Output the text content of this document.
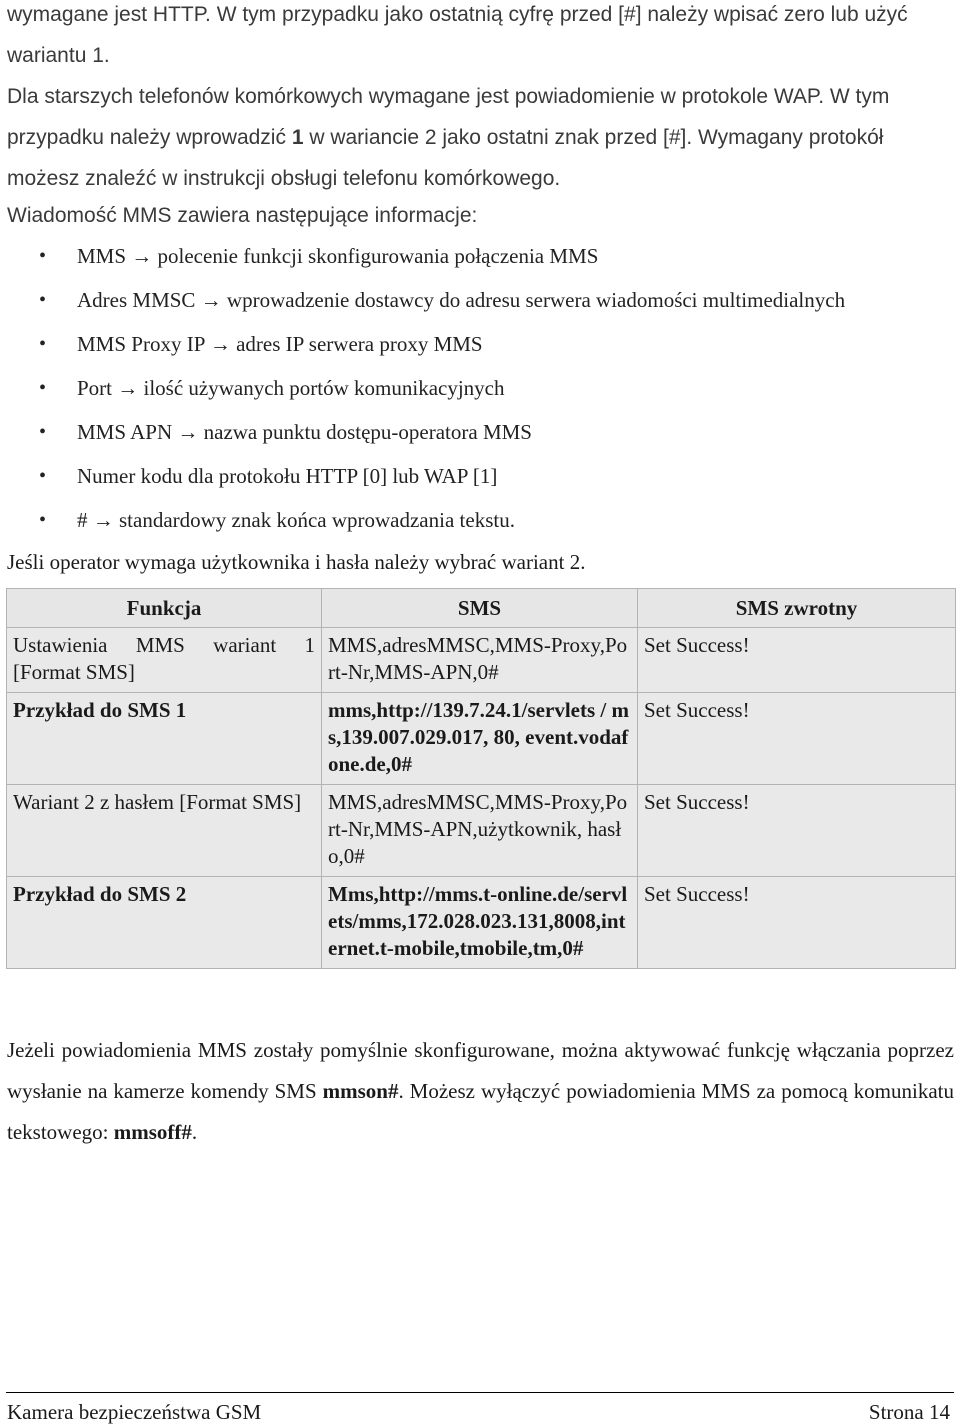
wymagane jest HTTP. W tym przypadku jako ostatnią cyfrę przed [#] należy wpisać zero lub użyć
wariantu 1.
Dla starszych telefonów komórkowych wymagane jest powiadomienie w protokole WAP. W tym
przypadku należy wprowadzić 1 w wariancie 2 jako ostatni znak przed [#]. Wymagany protokół
możesz znaleźć w instrukcji obsługi telefonu komórkowego.

Wiadomość MMS zawiera następujące informacje:

• MMS → polecenie funkcji skonfigurowania połączenia MMS
• Adres MMSC → wprowadzenie dostawcy do adresu serwera wiadomości multimedialnych
• MMS Proxy IP → adres IP serwera proxy MMS
• Port → ilość używanych portów komunikacyjnych
• MMS APN → nazwa punktu dostępu-operatora MMS
• Numer kodu dla protokołu HTTP [0] lub WAP [1]
• # → standardowy znak końca wprowadzania tekstu.

Jeśli operator wymaga użytkownika i hasła należy wybrać wariant 2.

Funkcja	SMS	SMS zwrotny
Ustawienia MMS wariant 1 [Format SMS]	MMS,adresMMSC,MMS-Proxy,Port-Nr,MMS-APN,0#	Set Success!
Przykład do SMS 1	mms,http://139.7.24.1/servlets / ms,139.007.029.017, 80, event.vodafone.de,0#	Set Success!
Wariant 2 z hasłem [Format SMS]	MMS,adresMMSC,MMS-Proxy,Port-Nr,MMS-APN,użytkownik, hasło,0#	Set Success!
Przykład do SMS 2	Mms,http://mms.t-online.de/servlets/mms,172.028.023.131,8008,internet.t-mobile,tmobile,tm,0#	Set Success!

Jeżeli powiadomienia MMS zostały pomyślnie skonfigurowane, można aktywować funkcję włączania poprzez wysłanie na kamerze komendy SMS mmson#. Możesz wyłączyć powiadomienia MMS za pomocą komunikatu tekstowego: mmsoff#.

Kamera bezpieczeństwa GSM	Strona 14
